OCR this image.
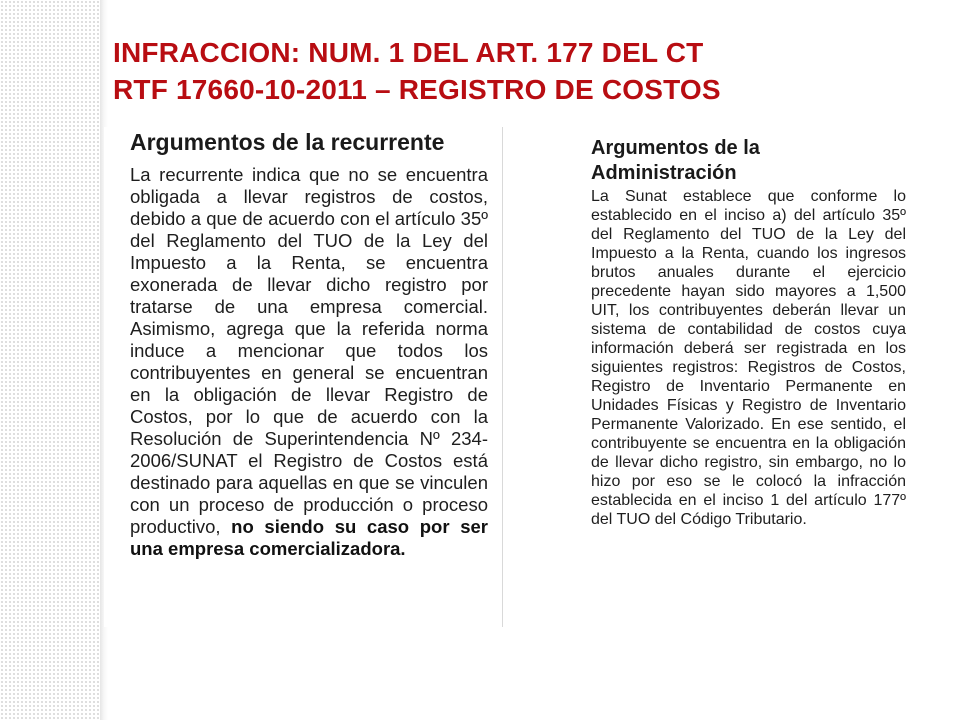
INFRACCION: NUM. 1 DEL ART. 177 DEL CT
RTF 17660-10-2011 – REGISTRO DE COSTOS
Argumentos de la recurrente

La recurrente indica que no se encuentra obligada a llevar registros de costos, debido a que de acuerdo con el artículo 35º del Reglamento del TUO de la Ley del Impuesto a la Renta, se encuentra exonerada de llevar dicho registro por tratarse de una empresa comercial. Asimismo, agrega que la referida norma induce a mencionar que todos los contribuyentes en general se encuentran en la obligación de llevar Registro de Costos, por lo que de acuerdo con la Resolución de Superintendencia Nº 234-2006/SUNAT el Registro de Costos está destinado para aquellas en que se vinculen con un proceso de producción o proceso productivo, no siendo su caso por ser una empresa comercializadora.

Argumentos de la Administración

La Sunat establece que conforme lo establecido en el inciso a) del artículo 35º del Reglamento del TUO de la Ley del Impuesto a la Renta, cuando los ingresos brutos anuales durante el ejercicio precedente hayan sido mayores a 1,500 UIT, los contribuyentes deberán llevar un sistema de contabilidad de costos cuya información deberá ser registrada en los siguientes registros: Registros de Costos, Registro de Inventario Permanente en Unidades Físicas y Registro de Inventario Permanente Valorizado. En ese sentido, el contribuyente se encuentra en la obligación de llevar dicho registro, sin embargo, no lo hizo por eso se le colocó la infracción establecida en el inciso 1 del artículo 177º del TUO del Código Tributario.
